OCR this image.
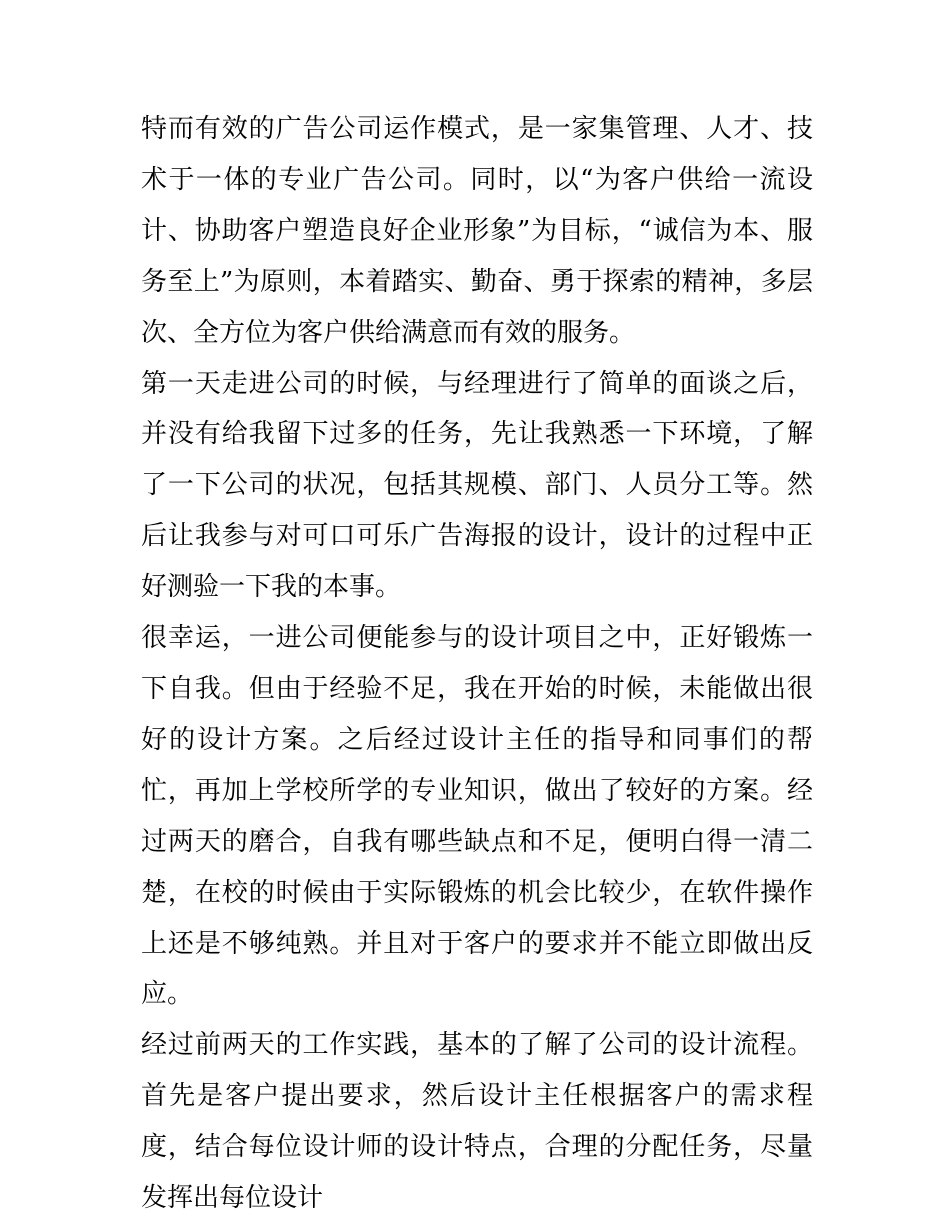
特而有效的广告公司运作模式，是一家集管理、人才、技术于一体的专业广告公司。同时，以“为客户供给一流设计、协助客户塑造良好企业形象”为目标，“诚信为本、服务至上”为原则，本着踏实、勤奋、勇于探索的精神，多层次、全方位为客户供给满意而有效的服务。

第一天走进公司的时候，与经理进行了简单的面谈之后，并没有给我留下过多的任务，先让我熟悉一下环境，了解了一下公司的状况，包括其规模、部门、人员分工等。然后让我参与对可口可乐广告海报的设计，设计的过程中正好测验一下我的本事。

很幸运，一进公司便能参与的设计项目之中，正好锻炼一下自我。但由于经验不足，我在开始的时候，未能做出很好的设计方案。之后经过设计主任的指导和同事们的帮忙，再加上学校所学的专业知识，做出了较好的方案。经过两天的磨合，自我有哪些缺点和不足，便明白得一清二楚，在校的时候由于实际锻炼的机会比较少，在软件操作上还是不够纯熟。并且对于客户的要求并不能立即做出反应。

经过前两天的工作实践，基本的了解了公司的设计流程。首先是客户提出要求，然后设计主任根据客户的需求程度，结合每位设计师的设计特点，合理的分配任务，尽量发挥出每位设计
